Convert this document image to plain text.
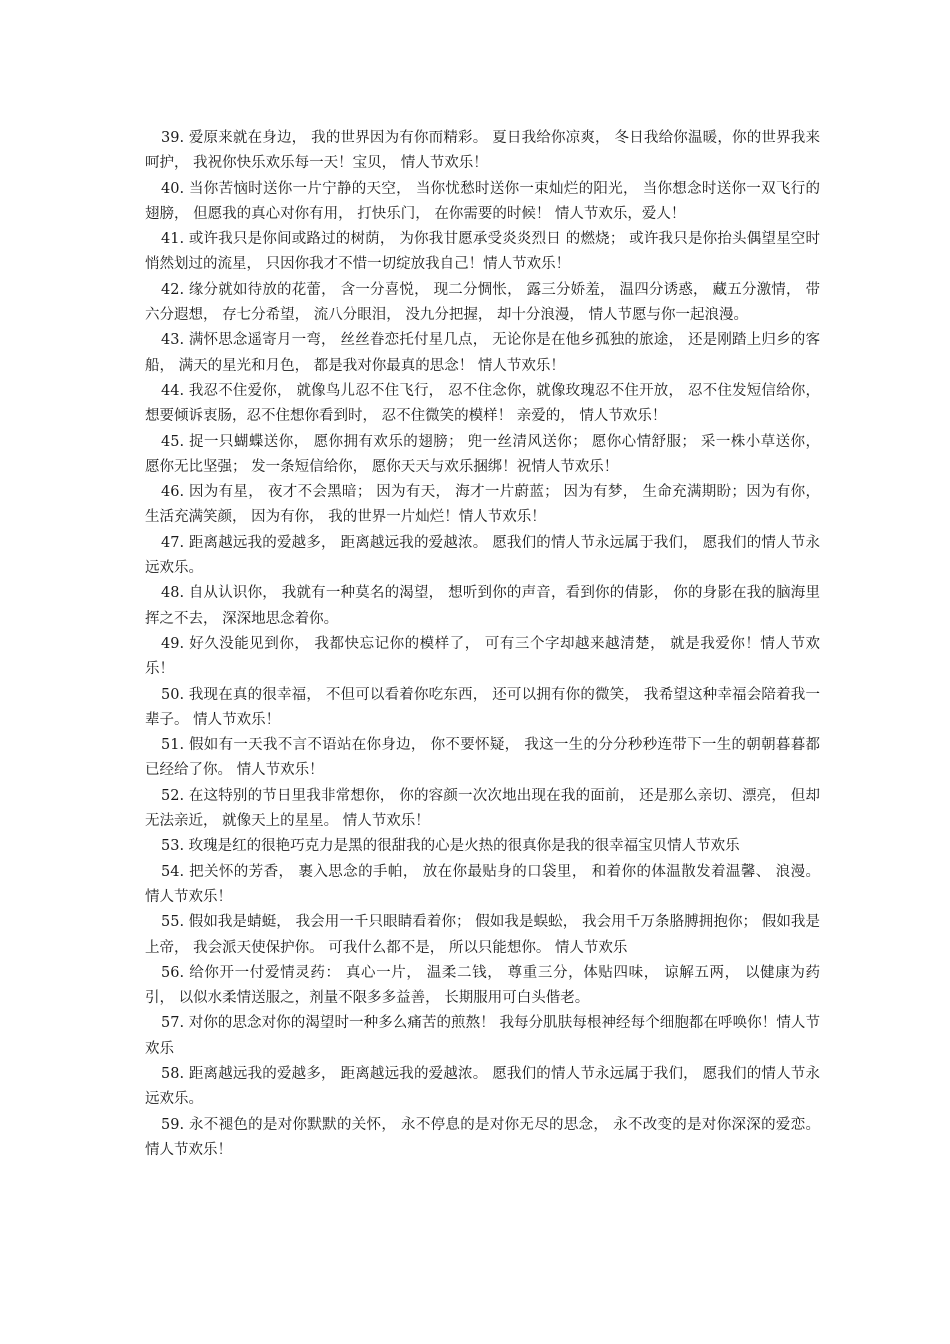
39. 爱原来就在身边， 我的世界因为有你而精彩。 夏日我给你凉爽， 冬日我给你温暖，你的世界我来呵护， 我祝你快乐欢乐每一天！宝贝， 情人节欢乐！

40. 当你苦恼时送你一片宁静的天空， 当你忧愁时送你一束灿烂的阳光， 当你想念时送你一双飞行的翅膀， 但愿我的真心对你有用， 打快乐门， 在你需要的时候！ 情人节欢乐，爱人！

41. 或许我只是你间或路过的树荫， 为你我甘愿承受炎炎烈日 的燃烧； 或许我只是你抬头偶望星空时悄然划过的流星， 只因你我才不惜一切绽放我自己！情人节欢乐！

42. 缘分就如待放的花蕾， 含一分喜悦， 现二分惆怅， 露三分娇羞， 温四分诱惑， 藏五分激情， 带六分遐想， 存七分希望， 流八分眼泪， 没九分把握， 却十分浪漫， 情人节愿与你一起浪漫。

43. 满怀思念遥寄月一弯， 丝丝眷恋托付星几点， 无论你是在他乡孤独的旅途， 还是刚踏上归乡的客船， 满天的星光和月色， 都是我对你最真的思念！ 情人节欢乐！

44. 我忍不住爱你， 就像鸟儿忍不住飞行， 忍不住念你，就像玫瑰忍不住开放， 忍不住发短信给你， 想要倾诉衷肠，忍不住想你看到时， 忍不住微笑的模样！ 亲爱的， 情人节欢乐！

45. 捉一只蝴蝶送你， 愿你拥有欢乐的翅膀； 兜一丝清风送你； 愿你心情舒服； 采一株小草送你， 愿你无比坚强； 发一条短信给你， 愿你天天与欢乐捆绑！祝情人节欢乐！

46. 因为有星， 夜才不会黑暗； 因为有天， 海才一片蔚蓝； 因为有梦， 生命充满期盼；因为有你， 生活充满笑颜， 因为有你， 我的世界一片灿烂！情人节欢乐！

47. 距离越远我的爱越多， 距离越远我的爱越浓。 愿我们的情人节永远属于我们， 愿我们的情人节永远欢乐。

48. 自从认识你， 我就有一种莫名的渴望， 想听到你的声音，看到你的倩影， 你的身影在我的脑海里挥之不去， 深深地思念着你。

49. 好久没能见到你， 我都快忘记你的模样了， 可有三个字却越来越清楚， 就是我爱你！情人节欢乐！

50. 我现在真的很幸福， 不但可以看着你吃东西， 还可以拥有你的微笑， 我希望这种幸福会陪着我一辈子。 情人节欢乐！

51. 假如有一天我不言不语站在你身边， 你不要怀疑， 我这一生的分分秒秒连带下一生的朝朝暮暮都已经给了你。 情人节欢乐！

52. 在这特别的节日里我非常想你， 你的容颜一次次地出现在我的面前， 还是那么亲切、漂亮， 但却无法亲近， 就像天上的星星。 情人节欢乐！

53. 玫瑰是红的很艳巧克力是黑的很甜我的心是火热的很真你是我的很幸福宝贝情人节欢乐

54. 把关怀的芳香， 裹入思念的手帕， 放在你最贴身的口袋里， 和着你的体温散发着温馨、 浪漫。 情人节欢乐！

55. 假如我是蜻蜓， 我会用一千只眼睛看着你； 假如我是蜈蚣， 我会用千万条胳膊拥抱你； 假如我是上帝， 我会派天使保护你。 可我什么都不是， 所以只能想你。 情人节欢乐

56. 给你开一付爱情灵药： 真心一片， 温柔二钱， 尊重三分，体贴四味， 谅解五两， 以健康为药引， 以似水柔情送服之，剂量不限多多益善， 长期服用可白头偕老。

57. 对你的思念对你的渴望时一种多么痛苦的煎熬！ 我每分肌肤每根神经每个细胞都在呼唤你！情人节欢乐

58. 距离越远我的爱越多， 距离越远我的爱越浓。 愿我们的情人节永远属于我们， 愿我们的情人节永远欢乐。

59. 永不褪色的是对你默默的关怀， 永不停息的是对你无尽的思念， 永不改变的是对你深深的爱恋。 情人节欢乐！
